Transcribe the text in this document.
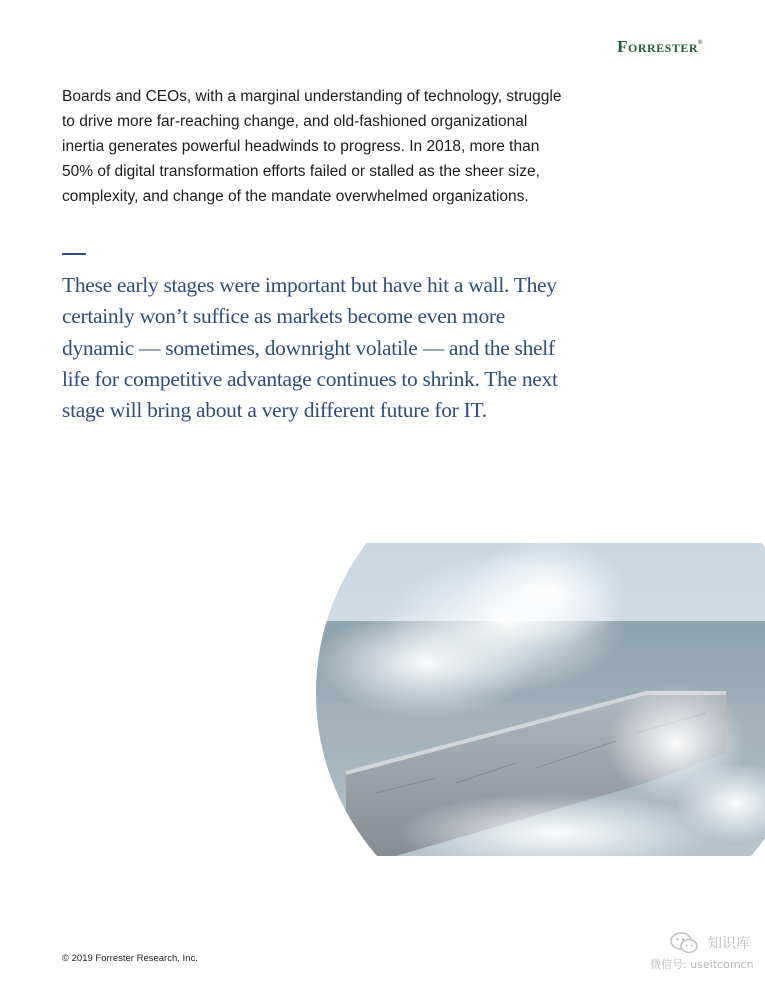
Forrester®
Boards and CEOs, with a marginal understanding of technology, struggle to drive more far-reaching change, and old-fashioned organizational inertia generates powerful headwinds to progress. In 2018, more than 50% of digital transformation efforts failed or stalled as the sheer size, complexity, and change of the mandate overwhelmed organizations.
These early stages were important but have hit a wall. They certainly won’t suffice as markets become even more dynamic — sometimes, downright volatile — and the shelf life for competitive advantage continues to shrink. The next stage will bring about a very different future for IT.
© 2019 Forrester Research, Inc.
知识库
微信号: useitcomcn
